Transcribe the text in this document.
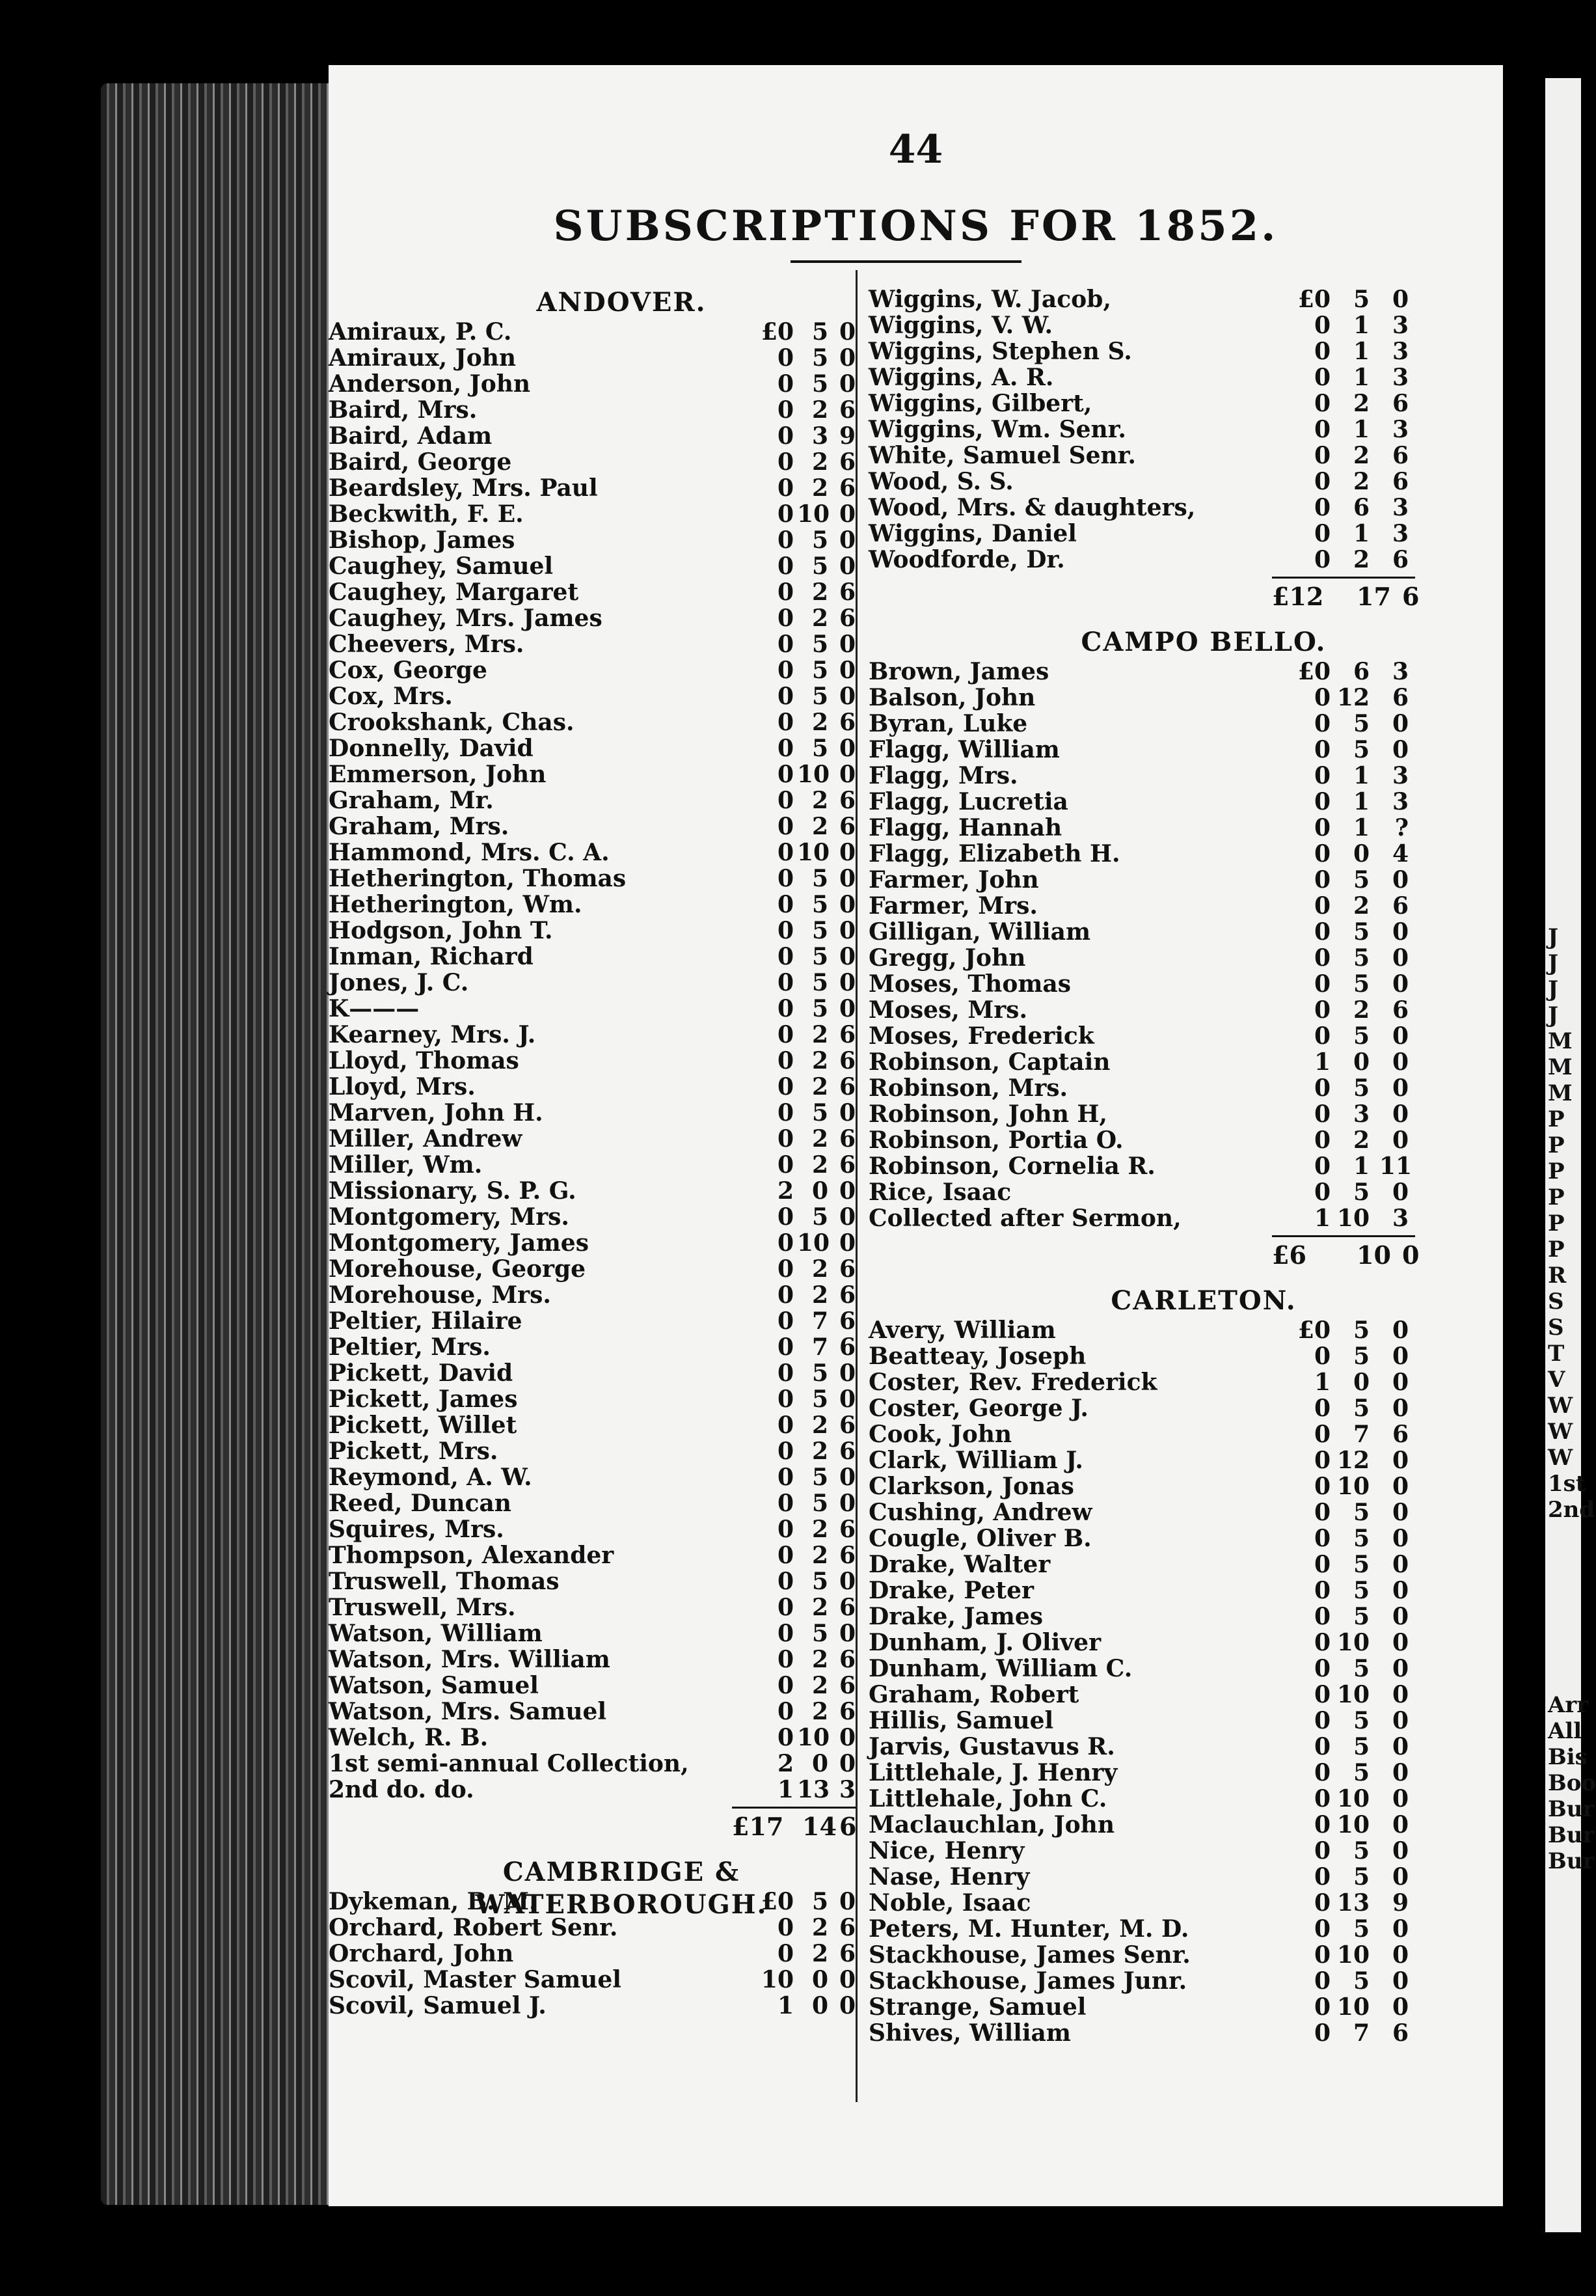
44
SUBSCRIPTIONS FOR 1852.
ANDOVER.
Amiraux, P. C.	£0 5 0
Amiraux, John	0 5 0
Anderson, John	0 5 0
Baird, Mrs.	0 2 6
Baird, Adam	0 3 9
Baird, George	0 2 6
Beardsley, Mrs. Paul	0 2 6
Beckwith, F. E.	0 10 0
Bishop, James	0 5 0
Caughey, Samuel	0 5 0
Caughey, Margaret	0 2 6
Caughey, Mrs. James	0 2 6
Cheevers, Mrs.	0 5 0
Cox, George	0 5 0
Cox, Mrs.	0 5 0
Crookshank, Chas.	0 2 6
Donnelly, David	0 5 0
Emmerson, John	0 10 0
Graham, Mr.	0 2 6
Graham, Mrs.	0 2 6
Hammond, Mrs. C. A.	0 10 0
Hetherington, Thomas	0 5 0
Hetherington, Wm.	0 5 0
Hodgson, John T.	0 5 0
Inman, Richard	0 5 0
Jones, J. C.	0 5 0
K———	0 5 0
Kearney, Mrs. J.	0 2 6
Lloyd, Thomas	0 2 6
Lloyd, Mrs.	0 2 6
Marven, John H.	0 5 0
Miller, Andrew	0 2 6
Miller, Wm.	0 2 6
Missionary, S. P. G.	2 0 0
Montgomery, Mrs.	0 5 0
Montgomery, James	0 10 0
Morehouse, George	0 2 6
Morehouse, Mrs.	0 2 6
Peltier, Hilaire	0 7 6
Peltier, Mrs.	0 7 6
Pickett, David	0 5 0
Pickett, James	0 5 0
Pickett, Willet	0 2 6
Pickett, Mrs.	0 2 6
Reymond, A. W.	0 5 0
Reed, Duncan	0 5 0
Squires, Mrs.	0 2 6
Thompson, Alexander	0 2 6
Truswell, Thomas	0 5 0
Truswell, Mrs.	0 2 6
Watson, William	0 5 0
Watson, Mrs. William	0 2 6
Watson, Samuel	0 2 6
Watson, Mrs. Samuel	0 2 6
Welch, R. B.	0 10 0
1st semi-annual Collection,	2 0 0
2nd do. do.	1 13 3
£17 14 6
CAMBRIDGE & WATERBOROUGH.
Dykeman, B. M.	£0 5 0
Orchard, Robert Senr.	0 2 6
Orchard, John	0 2 6
Scovil, Master Samuel	10 0 0
Scovil, Samuel J.	1 0 0
Wiggins, W. Jacob,	£0 5 0
Wiggins, V. W.	0 1 3
Wiggins, Stephen S.	0 1 3
Wiggins, A. R.	0 1 3
Wiggins, Gilbert,	0 2 6
Wiggins, Wm. Senr.	0 1 3
White, Samuel Senr.	0 2 6
Wood, S. S.	0 2 6
Wood, Mrs. & daughters,	0 6 3
Wiggins, Daniel	0 1 3
Woodforde, Dr.	0 2 6
£12 17 6
CAMPO BELLO.
Brown, James	£0 6 3
Balson, John	0 12 6
Byran, Luke	0 5 0
Flagg, William	0 5 0
Flagg, Mrs.	0 1 3
Flagg, Lucretia	0 1 3
Flagg, Hannah	0 1	?
Flagg, Elizabeth H.	0 0 4
Farmer, John	0 5 0
Farmer, Mrs.	0 2 6
Gilligan, William	0 5 0
Gregg, John	0 5 0
Moses, Thomas	0 5 0
Moses, Mrs.	0 2 6
Moses, Frederick	0 5 0
Robinson, Captain	1 0 0
Robinson, Mrs.	0 5 0
Robinson, John H,	0 3 0
Robinson, Portia O.	0 2 0
Robinson, Cornelia R.	0 1 11
Rice, Isaac	0 5 0
Collected after Sermon,	1 10 3
£6 10 0
CARLETON.
Avery, William	£0 5 0
Beatteay, Joseph	0 5 0
Coster, Rev. Frederick	1 0 0
Coster, George J.	0 5 0
Cook, John	0 7 6
Clark, William J.	0 12 0
Clarkson, Jonas	0 10 0
Cushing, Andrew	0 5 0
Cougle, Oliver B.	0 5 0
Drake, Walter	0 5 0
Drake, Peter	0 5 0
Drake, James	0 5 0
Dunham, J. Oliver	0 10 0
Dunham, William C.	0 5 0
Graham, Robert	0 10 0
Hillis, Samuel	0 5 0
Jarvis, Gustavus R.	0 5 0
Littlehale, J. Henry	0 5 0
Littlehale, John C.	0 10 0
Maclauchlan, John	0 10 0
Nice, Henry	0 5 0
Nase, Henry	0 5 0
Noble, Isaac	0 13 9
Peters, M. Hunter, M. D.	0 5 0
Stackhouse, James Senr.	0 10 0
Stackhouse, James Junr.	0 5 0
Strange, Samuel	0 10 0
Shives, William	0 7 6
J
J
J
J
M
M
M
P
P
P
P
P
P
R
S
S
T
V
W
W
W
1st
2nd
Arr
All
Bis
Boo
Bur
Bur
Bur
